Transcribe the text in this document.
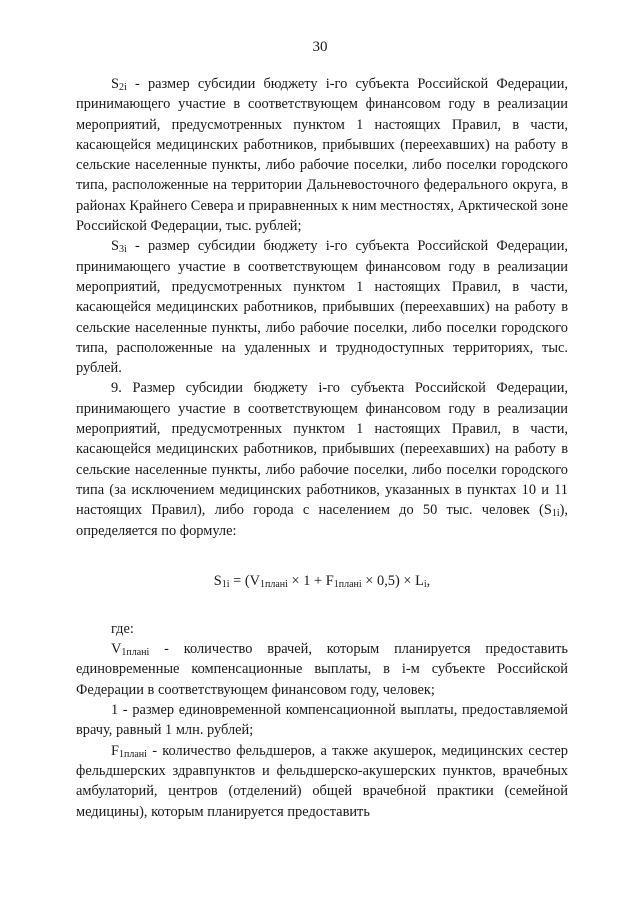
30

$S_{2i}$ - размер субсидии бюджету i-го субъекта Российской Федерации, принимающего участие в соответствующем финансовом году в реализации мероприятий, предусмотренных пунктом 1 настоящих Правил, в части, касающейся медицинских работников, прибывших (переехавших) на работу в сельские населенные пункты, либо рабочие поселки, либо поселки городского типа, расположенные на территории Дальневосточного федерального округа, в районах Крайнего Севера и приравненных к ним местностях, Арктической зоне Российской Федерации, тыс. рублей;

$S_{3i}$ - размер субсидии бюджету i-го субъекта Российской Федерации, принимающего участие в соответствующем финансовом году в реализации мероприятий, предусмотренных пунктом 1 настоящих Правил, в части, касающейся медицинских работников, прибывших (переехавших) на работу в сельские населенные пункты, либо рабочие поселки, либо поселки городского типа, расположенные на удаленных и труднодоступных территориях, тыс. рублей.

9. Размер субсидии бюджету i-го субъекта Российской Федерации, принимающего участие в соответствующем финансовом году в реализации мероприятий, предусмотренных пунктом 1 настоящих Правил, в части, касающейся медицинских работников, прибывших (переехавших) на работу в сельские населенные пункты, либо рабочие поселки, либо поселки городского типа (за исключением медицинских работников, указанных в пунктах 10 и 11 настоящих Правил), либо города с населением до 50 тыс. человек $(S_{1i})$, определяется по формуле:

$S_{1i} = (V_{1плані} \times 1 + F_{1плані} \times 0,5) \times L_i$,

где:

$V_{1плані}$ - количество врачей, которым планируется предоставить единовременные компенсационные выплаты, в i-м субъекте Российской Федерации в соответствующем финансовом году, человек;

1 - размер единовременной компенсационной выплаты, предоставляемой врачу, равный 1 млн. рублей;

$F_{1плані}$ - количество фельдшеров, а также акушерок, медицинских сестер фельдшерских здравпунктов и фельдшерско-акушерских пунктов, врачебных амбулаторий, центров (отделений) общей врачебной практики (семейной медицины), которым планируется предоставить
